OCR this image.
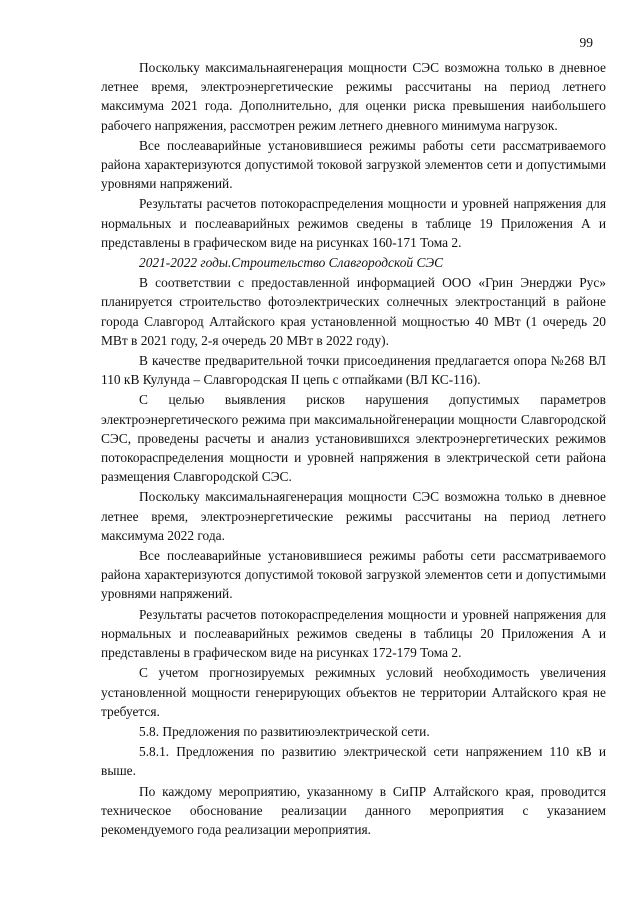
99

Поскольку максимальнаягенерация мощности СЭС возможна только в дневное летнее время, электроэнергетические режимы рассчитаны на период летнего максимума 2021 года. Дополнительно, для оценки риска превышения наибольшего рабочего напряжения, рассмотрен режим летнего дневного минимума нагрузок.

Все послеаварийные установившиеся режимы работы сети рассматриваемого района характеризуются допустимой токовой загрузкой элементов сети и допустимыми уровнями напряжений.

Результаты расчетов потокораспределения мощности и уровней напряжения для нормальных и послеаварийных режимов сведены в таблице 19 Приложения А и представлены в графическом виде на рисунках 160-171 Тома 2.

2021-2022 годы.Строительство Славгородской СЭС

В соответствии с предоставленной информацией ООО «Грин Энерджи Рус» планируется строительство фотоэлектрических солнечных электростанций в районе города Славгород Алтайского края установленной мощностью 40 МВт (1 очередь 20 МВт в 2021 году, 2-я очередь 20 МВт в 2022 году).

В качестве предварительной точки присоединения предлагается опора №268 ВЛ 110 кВ Кулунда – Славгородская II цепь с отпайками (ВЛ КС-116).

С целью выявления рисков нарушения допустимых параметров электроэнергетического режима при максимальнойгенерации мощности Славгородской СЭС, проведены расчеты и анализ установившихся электроэнергетических режимов потокораспределения мощности и уровней напряжения в электрической сети района размещения Славгородской СЭС.

Поскольку максимальнаягенерация мощности СЭС возможна только в дневное летнее время, электроэнергетические режимы рассчитаны на период летнего максимума 2022 года.

Все послеаварийные установившиеся режимы работы сети рассматриваемого района характеризуются допустимой токовой загрузкой элементов сети и допустимыми уровнями напряжений.

Результаты расчетов потокораспределения мощности и уровней напряжения для нормальных и послеаварийных режимов сведены в таблицы 20 Приложения А и представлены в графическом виде на рисунках 172-179 Тома 2.

С учетом прогнозируемых режимных условий необходимость увеличения установленной мощности генерирующих объектов не территории Алтайского края не требуется.

5.8. Предложения по развитиюэлектрической сети.

5.8.1. Предложения по развитию электрической сети напряжением 110 кВ и выше.

По каждому мероприятию, указанному в СиПР Алтайского края, проводится техническое обоснование реализации данного мероприятия с указанием рекомендуемого года реализации мероприятия.
